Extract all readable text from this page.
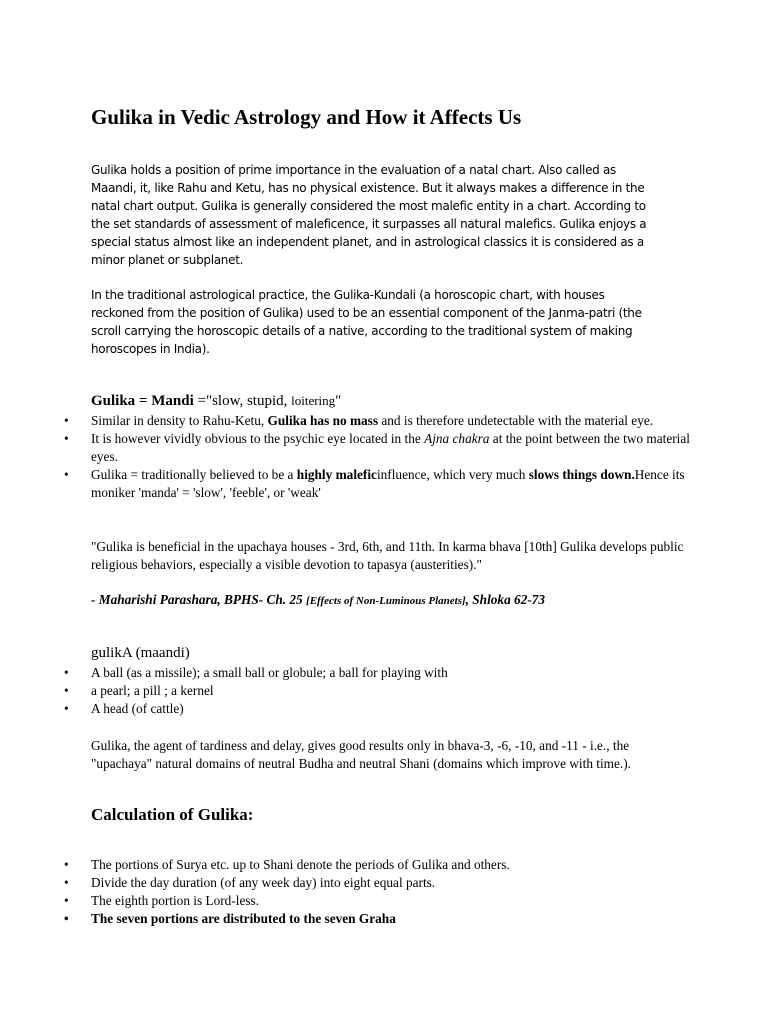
Gulika in Vedic Astrology and How it Affects Us
Gulika holds a position of prime importance in the evaluation of a natal chart. Also called as Maandi, it, like Rahu and Ketu, has no physical existence. But it always makes a difference in the natal chart output. Gulika is generally considered the most malefic entity in a chart. According to the set standards of assessment of maleficence, it surpasses all natural malefics. Gulika enjoys a special status almost like an independent planet, and in astrological classics it is considered as a minor planet or subplanet.
In the traditional astrological practice, the Gulika-Kundali (a horoscopic chart, with houses reckoned from the position of Gulika) used to be an essential component of the Janma-patri (the scroll carrying the horoscopic details of a native, according to the traditional system of making horoscopes in India).
Gulika = Mandi ="slow, stupid, loitering"
• Similar in density to Rahu-Ketu, Gulika has no mass and is therefore undetectable with the material eye.
• It is however vividly obvious to the psychic eye located in the Ajna chakra at the point between the two material eyes.
• Gulika = traditionally believed to be a highly maleficinfluence, which very much slows things down.Hence its moniker 'manda' = 'slow', 'feeble', or 'weak'
"Gulika is beneficial in the upachaya houses - 3rd, 6th, and 11th. In karma bhava [10th] Gulika develops public religious behaviors, especially a visible devotion to tapasya (austerities)."
- Maharishi Parashara, BPHS- Ch. 25 [Effects of Non-Luminous Planets], Shloka 62-73
gulikA (maandi)
• A ball (as a missile); a small ball or globule; a ball for playing with
• a pearl; a pill ; a kernel
• A head (of cattle)
Gulika, the agent of tardiness and delay, gives good results only in bhava-3, -6, -10, and -11 - i.e., the "upachaya" natural domains of neutral Budha and neutral Shani (domains which improve with time.).
Calculation of Gulika:
• The portions of Surya etc. up to Shani denote the periods of Gulika and others.
• Divide the day duration (of any week day) into eight equal parts.
• The eighth portion is Lord-less.
• The seven portions are distributed to the seven Graha
